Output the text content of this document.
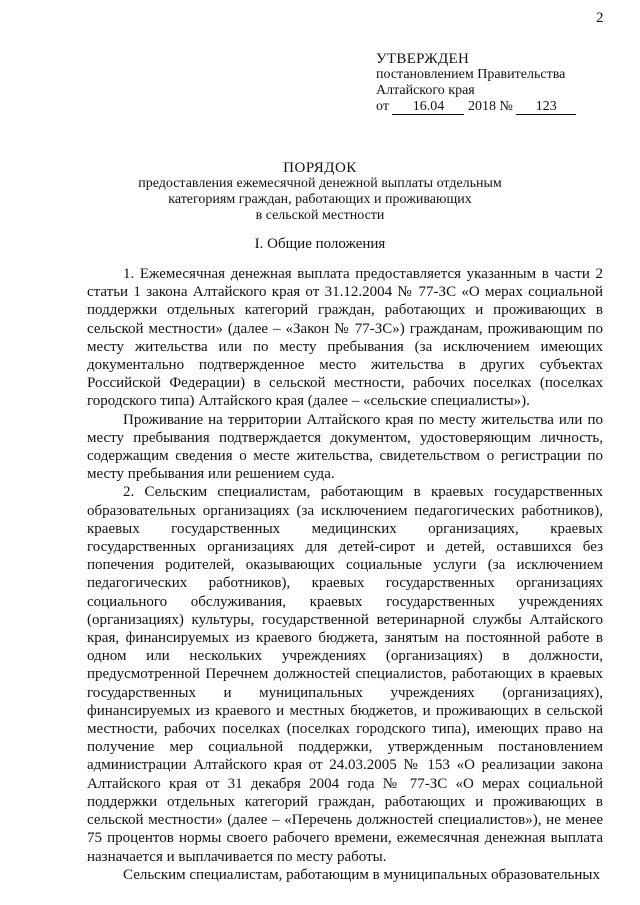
2
УТВЕРЖДЕН
постановлением Правительства
Алтайского края
от 16.04 2018 № 123
ПОРЯДОК
предоставления ежемесячной денежной выплаты отдельным
категориям граждан, работающих и проживающих
в сельской местности
I. Общие положения

1. Ежемесячная денежная выплата предоставляется указанным в части 2 статьи 1 закона Алтайского края от 31.12.2004 № 77-ЗС «О мерах социальной поддержки отдельных категорий граждан, работающих и проживающих в сельской местности» (далее – «Закон № 77-ЗС») гражданам, проживающим по месту жительства или по месту пребывания (за исключением имеющих документально подтвержденное место жительства в других субъектах Российской Федерации) в сельской местности, рабочих поселках (поселках городского типа) Алтайского края (далее – «сельские специалисты»).

Проживание на территории Алтайского края по месту жительства или по месту пребывания подтверждается документом, удостоверяющим личность, содержащим сведения о месте жительства, свидетельством о регистрации по месту пребывания или решением суда.

2. Сельским специалистам, работающим в краевых государственных образовательных организациях (за исключением педагогических работников), краевых государственных медицинских организациях, краевых государственных организациях для детей-сирот и детей, оставшихся без попечения родителей, оказывающих социальные услуги (за исключением педагогических работников), краевых государственных организациях социального обслуживания, краевых государственных учреждениях (организациях) культуры, государственной ветеринарной службы Алтайского края, финансируемых из краевого бюджета, занятым на постоянной работе в одном или нескольких учреждениях (организациях) в должности, предусмотренной Перечнем должностей специалистов, работающих в краевых государственных и муниципальных учреждениях (организациях), финансируемых из краевого и местных бюджетов, и проживающих в сельской местности, рабочих поселках (поселках городского типа), имеющих право на получение мер социальной поддержки, утвержденным постановлением администрации Алтайского края от 24.03.2005 № 153 «О реализации закона Алтайского края от 31 декабря 2004 года № 77-ЗС «О мерах социальной поддержки отдельных категорий граждан, работающих и проживающих в сельской местности» (далее – «Перечень должностей специалистов»), не менее 75 процентов нормы своего рабочего времени, ежемесячная денежная выплата назначается и выплачивается по месту работы.

Сельским специалистам, работающим в муниципальных образовательных
